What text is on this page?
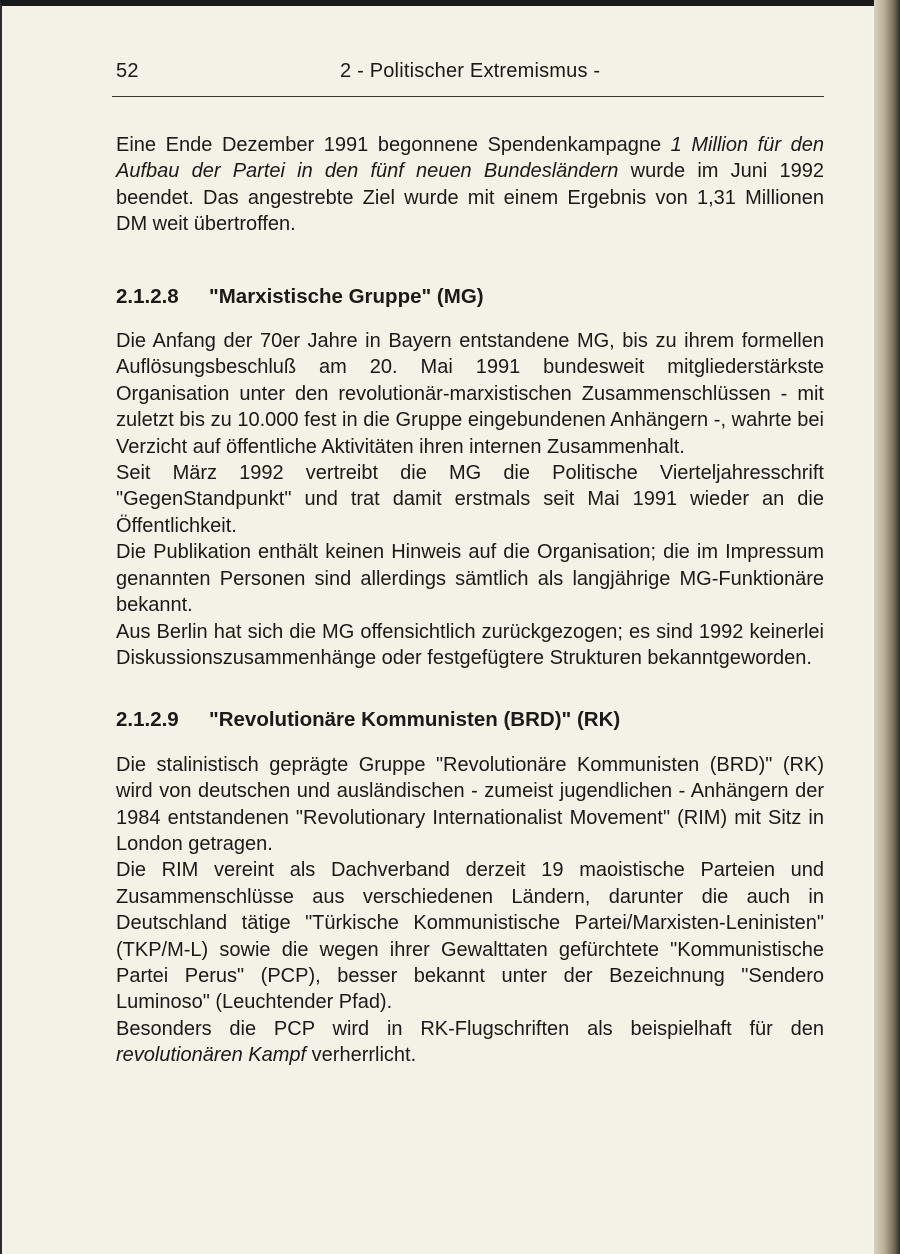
52	2 - Politischer Extremismus -

Eine Ende Dezember 1991 begonnene Spendenkampagne 1 Million für den Aufbau der Partei in den fünf neuen Bundesländern wurde im Juni 1992 beendet. Das angestrebte Ziel wurde mit einem Ergebnis von 1,31 Millionen DM weit übertroffen.

2.1.2.8 "Marxistische Gruppe" (MG)

Die Anfang der 70er Jahre in Bayern entstandene MG, bis zu ihrem formellen Auflösungsbeschluß am 20. Mai 1991 bundesweit mitgliederstärkste Organisation unter den revolutionär-marxistischen Zusammenschlüssen - mit zuletzt bis zu 10.000 fest in die Gruppe eingebundenen Anhängern -, wahrte bei Verzicht auf öffentliche Aktivitäten ihren internen Zusammenhalt.

Seit März 1992 vertreibt die MG die Politische Vierteljahresschrift "GegenStandpunkt" und trat damit erstmals seit Mai 1991 wieder an die Öffentlichkeit.

Die Publikation enthält keinen Hinweis auf die Organisation; die im Impressum genannten Personen sind allerdings sämtlich als langjährige MG-Funktionäre bekannt.

Aus Berlin hat sich die MG offensichtlich zurückgezogen; es sind 1992 keinerlei Diskussionszusammenhänge oder festgefügtere Strukturen bekanntgeworden.

2.1.2.9 "Revolutionäre Kommunisten (BRD)" (RK)

Die stalinistisch geprägte Gruppe "Revolutionäre Kommunisten (BRD)" (RK) wird von deutschen und ausländischen - zumeist jugendlichen - Anhängern der 1984 entstandenen "Revolutionary Internationalist Movement" (RIM) mit Sitz in London getragen.

Die RIM vereint als Dachverband derzeit 19 maoistische Parteien und Zusammenschlüsse aus verschiedenen Ländern, darunter die auch in Deutschland tätige "Türkische Kommunistische Partei/Marxisten-Leninisten" (TKP/M-L) sowie die wegen ihrer Gewalttaten gefürchtete "Kommunistische Partei Perus" (PCP), besser bekannt unter der Bezeichnung "Sendero Luminoso" (Leuchtender Pfad).

Besonders die PCP wird in RK-Flugschriften als beispielhaft für den revolutionären Kampf verherrlicht.
